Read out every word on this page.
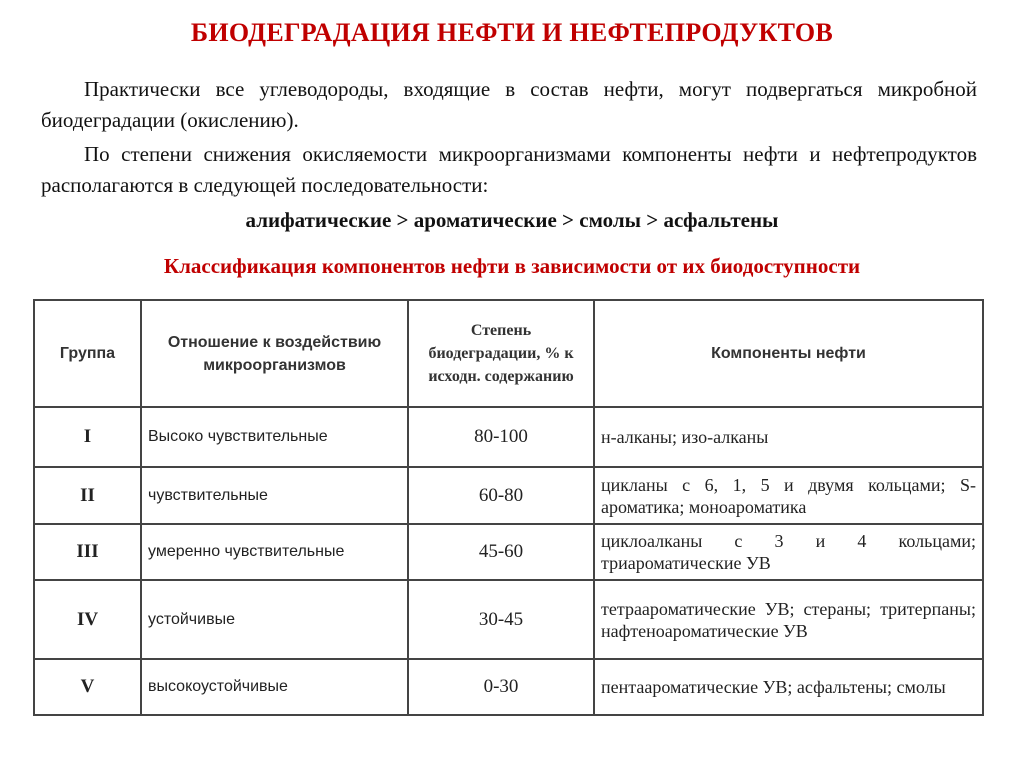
БИОДЕГРАДАЦИЯ НЕФТИ И НЕФТЕПРОДУКТОВ
Практически все углеводороды, входящие в состав нефти, могут подвергаться микробной биодеградации (окислению).
По степени снижения окисляемости микроорганизмами компоненты нефти и нефтепродуктов располагаются в следующей последовательности:
алифатические > ароматические > смолы > асфальтены
Классификация компонентов нефти в зависимости от их биодоступности
Группа	Отношение к воздействию микроорганизмов	Степень биодеградации, % к исходн. содержанию	Компоненты нефти
I	Высоко чувствительные	80-100	н-алканы; изо-алканы
II	чувствительные	60-80	цикланы с 6, 1, 5 и двумя кольцами; S-ароматика; моноароматика
III	умеренно чувствительные	45-60	циклоалканы с 3 и 4 кольцами; триароматические УВ
IV	устойчивые	30-45	тетраароматические УВ; стераны; тритерпаны; нафтеноароматические УВ
V	высокоустойчивые	0-30	пентаароматические УВ; асфальтены; смолы
